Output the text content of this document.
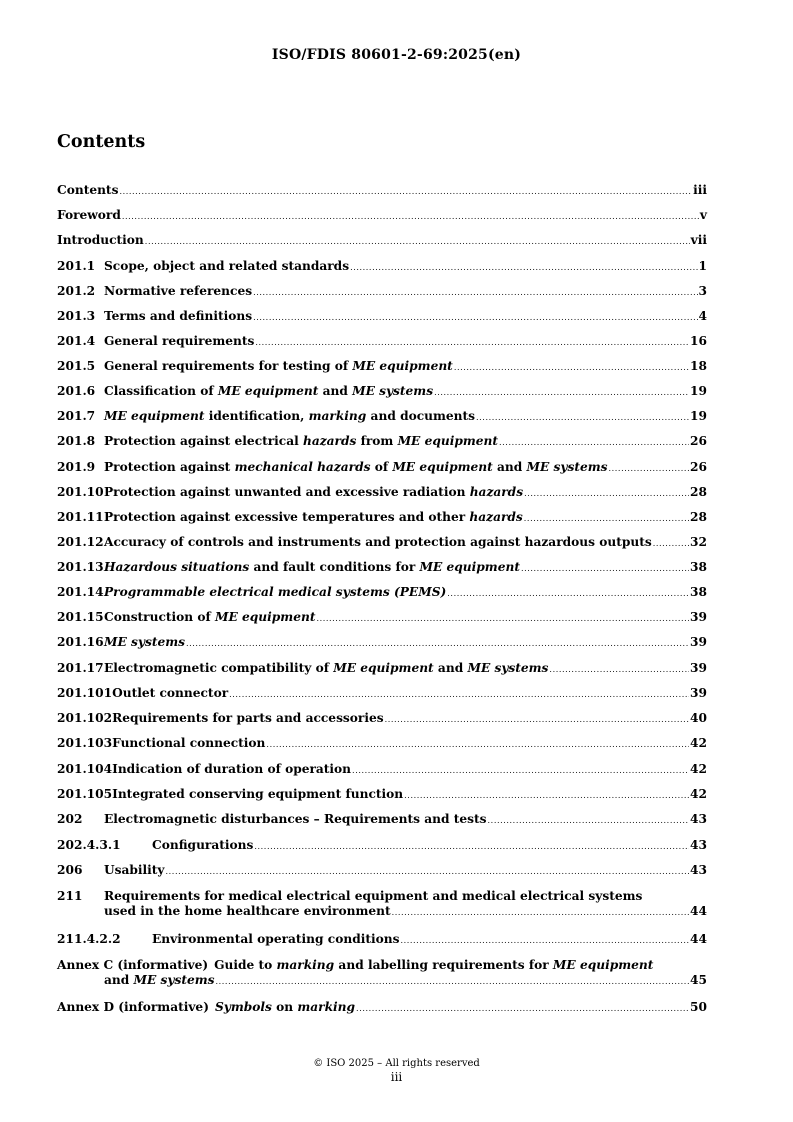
ISO/FDIS 80601-2-69:2025(en)
Contents
Contents .....	iii
Foreword .....	v
Introduction .....	vii
201.1 Scope, object and related standards .....	1
201.2 Normative references .....	3
201.3 Terms and definitions .....	4
201.4 General requirements .....	16
201.5 General requirements for testing of ME equipment .....	18
201.6 Classification of ME equipment and ME systems .....	19
201.7 ME equipment identification, marking and documents .....	19
201.8 Protection against electrical hazards from ME equipment .....	26
201.9 Protection against mechanical hazards of ME equipment and ME systems .....	26
201.10 Protection against unwanted and excessive radiation hazards .....	28
201.11 Protection against excessive temperatures and other hazards .....	28
201.12 Accuracy of controls and instruments and protection against hazardous outputs .....	32
201.13 Hazardous situations and fault conditions for ME equipment .....	38
201.14 Programmable electrical medical systems (PEMS) .....	38
201.15 Construction of ME equipment .....	39
201.16 ME systems .....	39
201.17 Electromagnetic compatibility of ME equipment and ME systems .....	39
201.101 Outlet connector .....	39
201.102 Requirements for parts and accessories .....	40
201.103 Functional connection .....	42
201.104 Indication of duration of operation .....	42
201.105 Integrated conserving equipment function .....	42
202	Electromagnetic disturbances – Requirements and tests .....	43
202.4.3.1	Configurations .....	43
206	Usability .....	43
211	Requirements for medical electrical equipment and medical electrical systems
used in the home healthcare environment .....	44
211.4.2.2	Environmental operating conditions .....	44
Annex C (informative) Guide to marking and labelling requirements for ME equipment
and ME systems .....	45
Annex D (informative) Symbols on marking .....	50
© ISO 2025 – All rights reserved
iii
